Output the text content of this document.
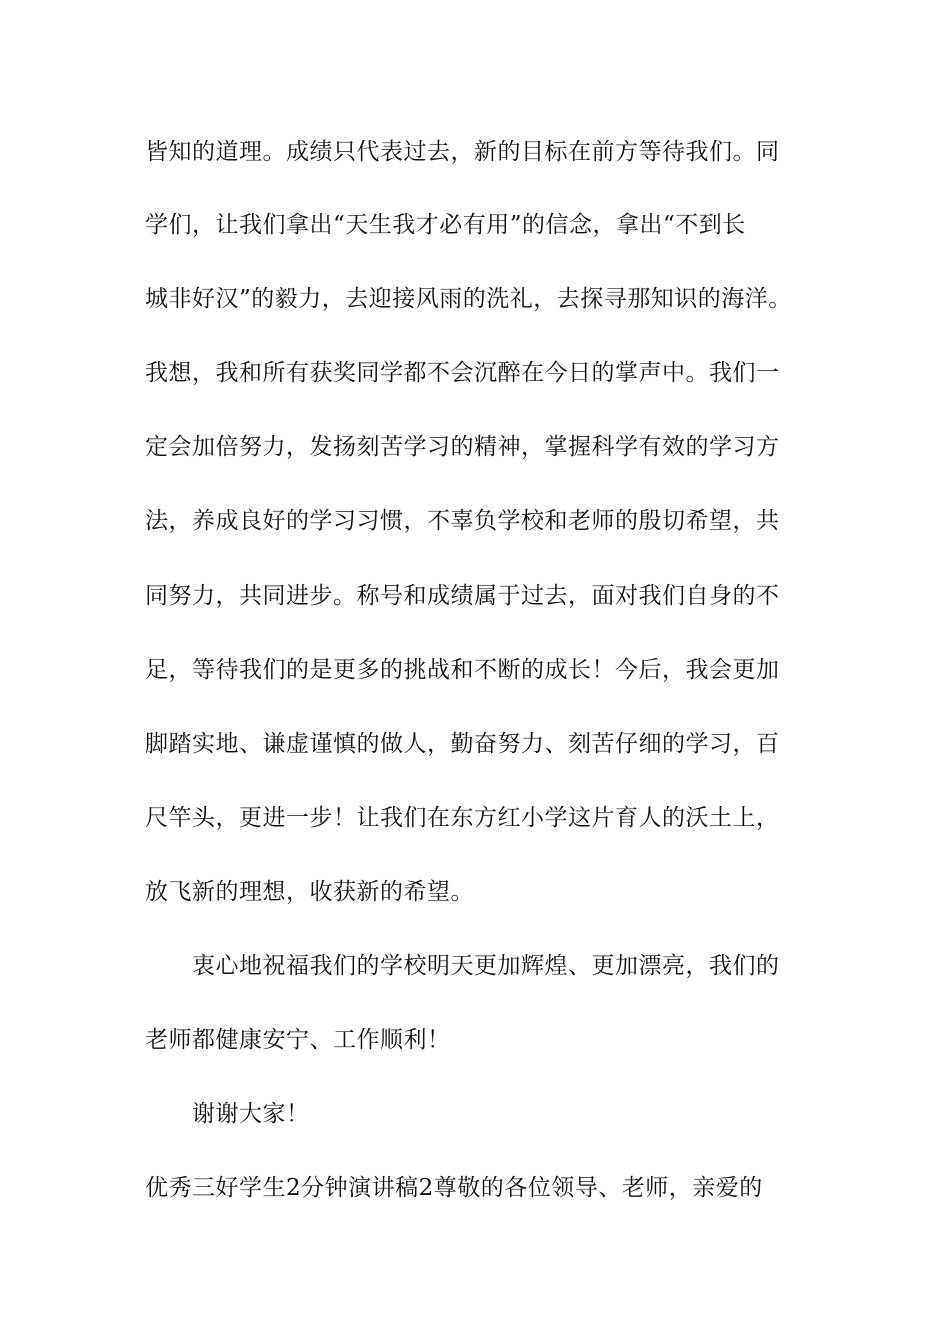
皆知的道理。成绩只代表过去，新的目标在前方等待我们。同
学们，让我们拿出“天生我才必有用”的信念，拿出“不到长
城非好汉”的毅力，去迎接风雨的洗礼，去探寻那知识的海洋。
我想，我和所有获奖同学都不会沉醉在今日的掌声中。我们一
定会加倍努力，发扬刻苦学习的精神，掌握科学有效的学习方
法，养成良好的学习习惯，不辜负学校和老师的殷切希望，共
同努力，共同进步。称号和成绩属于过去，面对我们自身的不
足，等待我们的是更多的挑战和不断的成长！今后，我会更加
脚踏实地、谦虚谨慎的做人，勤奋努力、刻苦仔细的学习，百
尺竿头，更进一步！让我们在东方红小学这片育人的沃土上，
放飞新的理想，收获新的希望。
衷心地祝福我们的学校明天更加辉煌、更加漂亮，我们的
老师都健康安宁、工作顺利！
谢谢大家！
优秀三好学生2分钟演讲稿2尊敬的各位领导、老师，亲爱的
